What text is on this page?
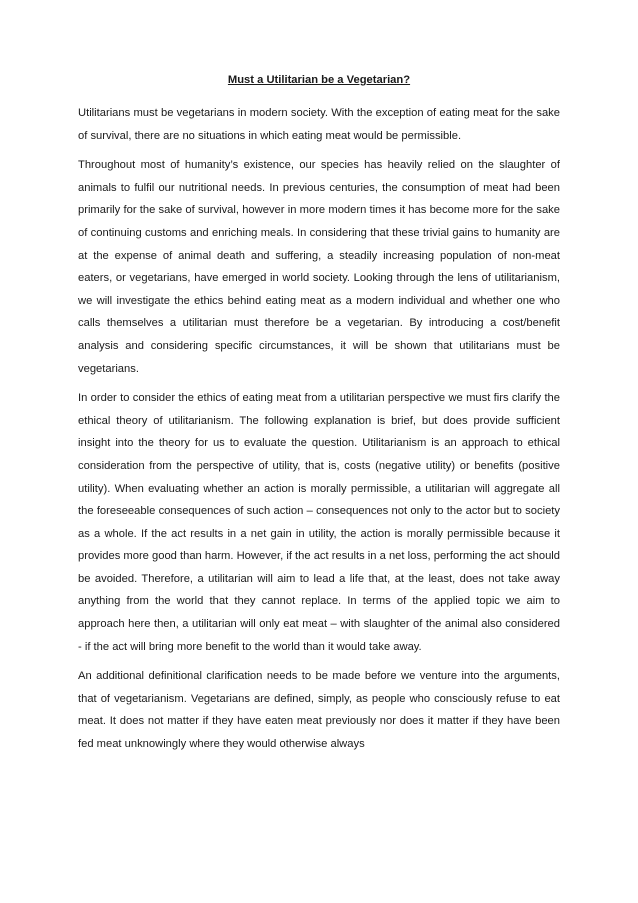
Must a Utilitarian be a Vegetarian?

Utilitarians must be vegetarians in modern society. With the exception of eating meat for the sake of survival, there are no situations in which eating meat would be permissible.

Throughout most of humanity’s existence, our species has heavily relied on the slaughter of animals to fulfil our nutritional needs. In previous centuries, the consumption of meat had been primarily for the sake of survival, however in more modern times it has become more for the sake of continuing customs and enriching meals. In considering that these trivial gains to humanity are at the expense of animal death and suffering, a steadily increasing population of non-meat eaters, or vegetarians, have emerged in world society. Looking through the lens of utilitarianism, we will investigate the ethics behind eating meat as a modern individual and whether one who calls themselves a utilitarian must therefore be a vegetarian. By introducing a cost/benefit analysis and considering specific circumstances, it will be shown that utilitarians must be vegetarians.

In order to consider the ethics of eating meat from a utilitarian perspective we must firs clarify the ethical theory of utilitarianism. The following explanation is brief, but does provide sufficient insight into the theory for us to evaluate the question. Utilitarianism is an approach to ethical consideration from the perspective of utility, that is, costs (negative utility) or benefits (positive utility). When evaluating whether an action is morally permissible, a utilitarian will aggregate all the foreseeable consequences of such action – consequences not only to the actor but to society as a whole. If the act results in a net gain in utility, the action is morally permissible because it provides more good than harm. However, if the act results in a net loss, performing the act should be avoided. Therefore, a utilitarian will aim to lead a life that, at the least, does not take away anything from the world that they cannot replace. In terms of the applied topic we aim to approach here then, a utilitarian will only eat meat – with slaughter of the animal also considered - if the act will bring more benefit to the world than it would take away.

An additional definitional clarification needs to be made before we venture into the arguments, that of vegetarianism. Vegetarians are defined, simply, as people who consciously refuse to eat meat. It does not matter if they have eaten meat previously nor does it matter if they have been fed meat unknowingly where they would otherwise always
